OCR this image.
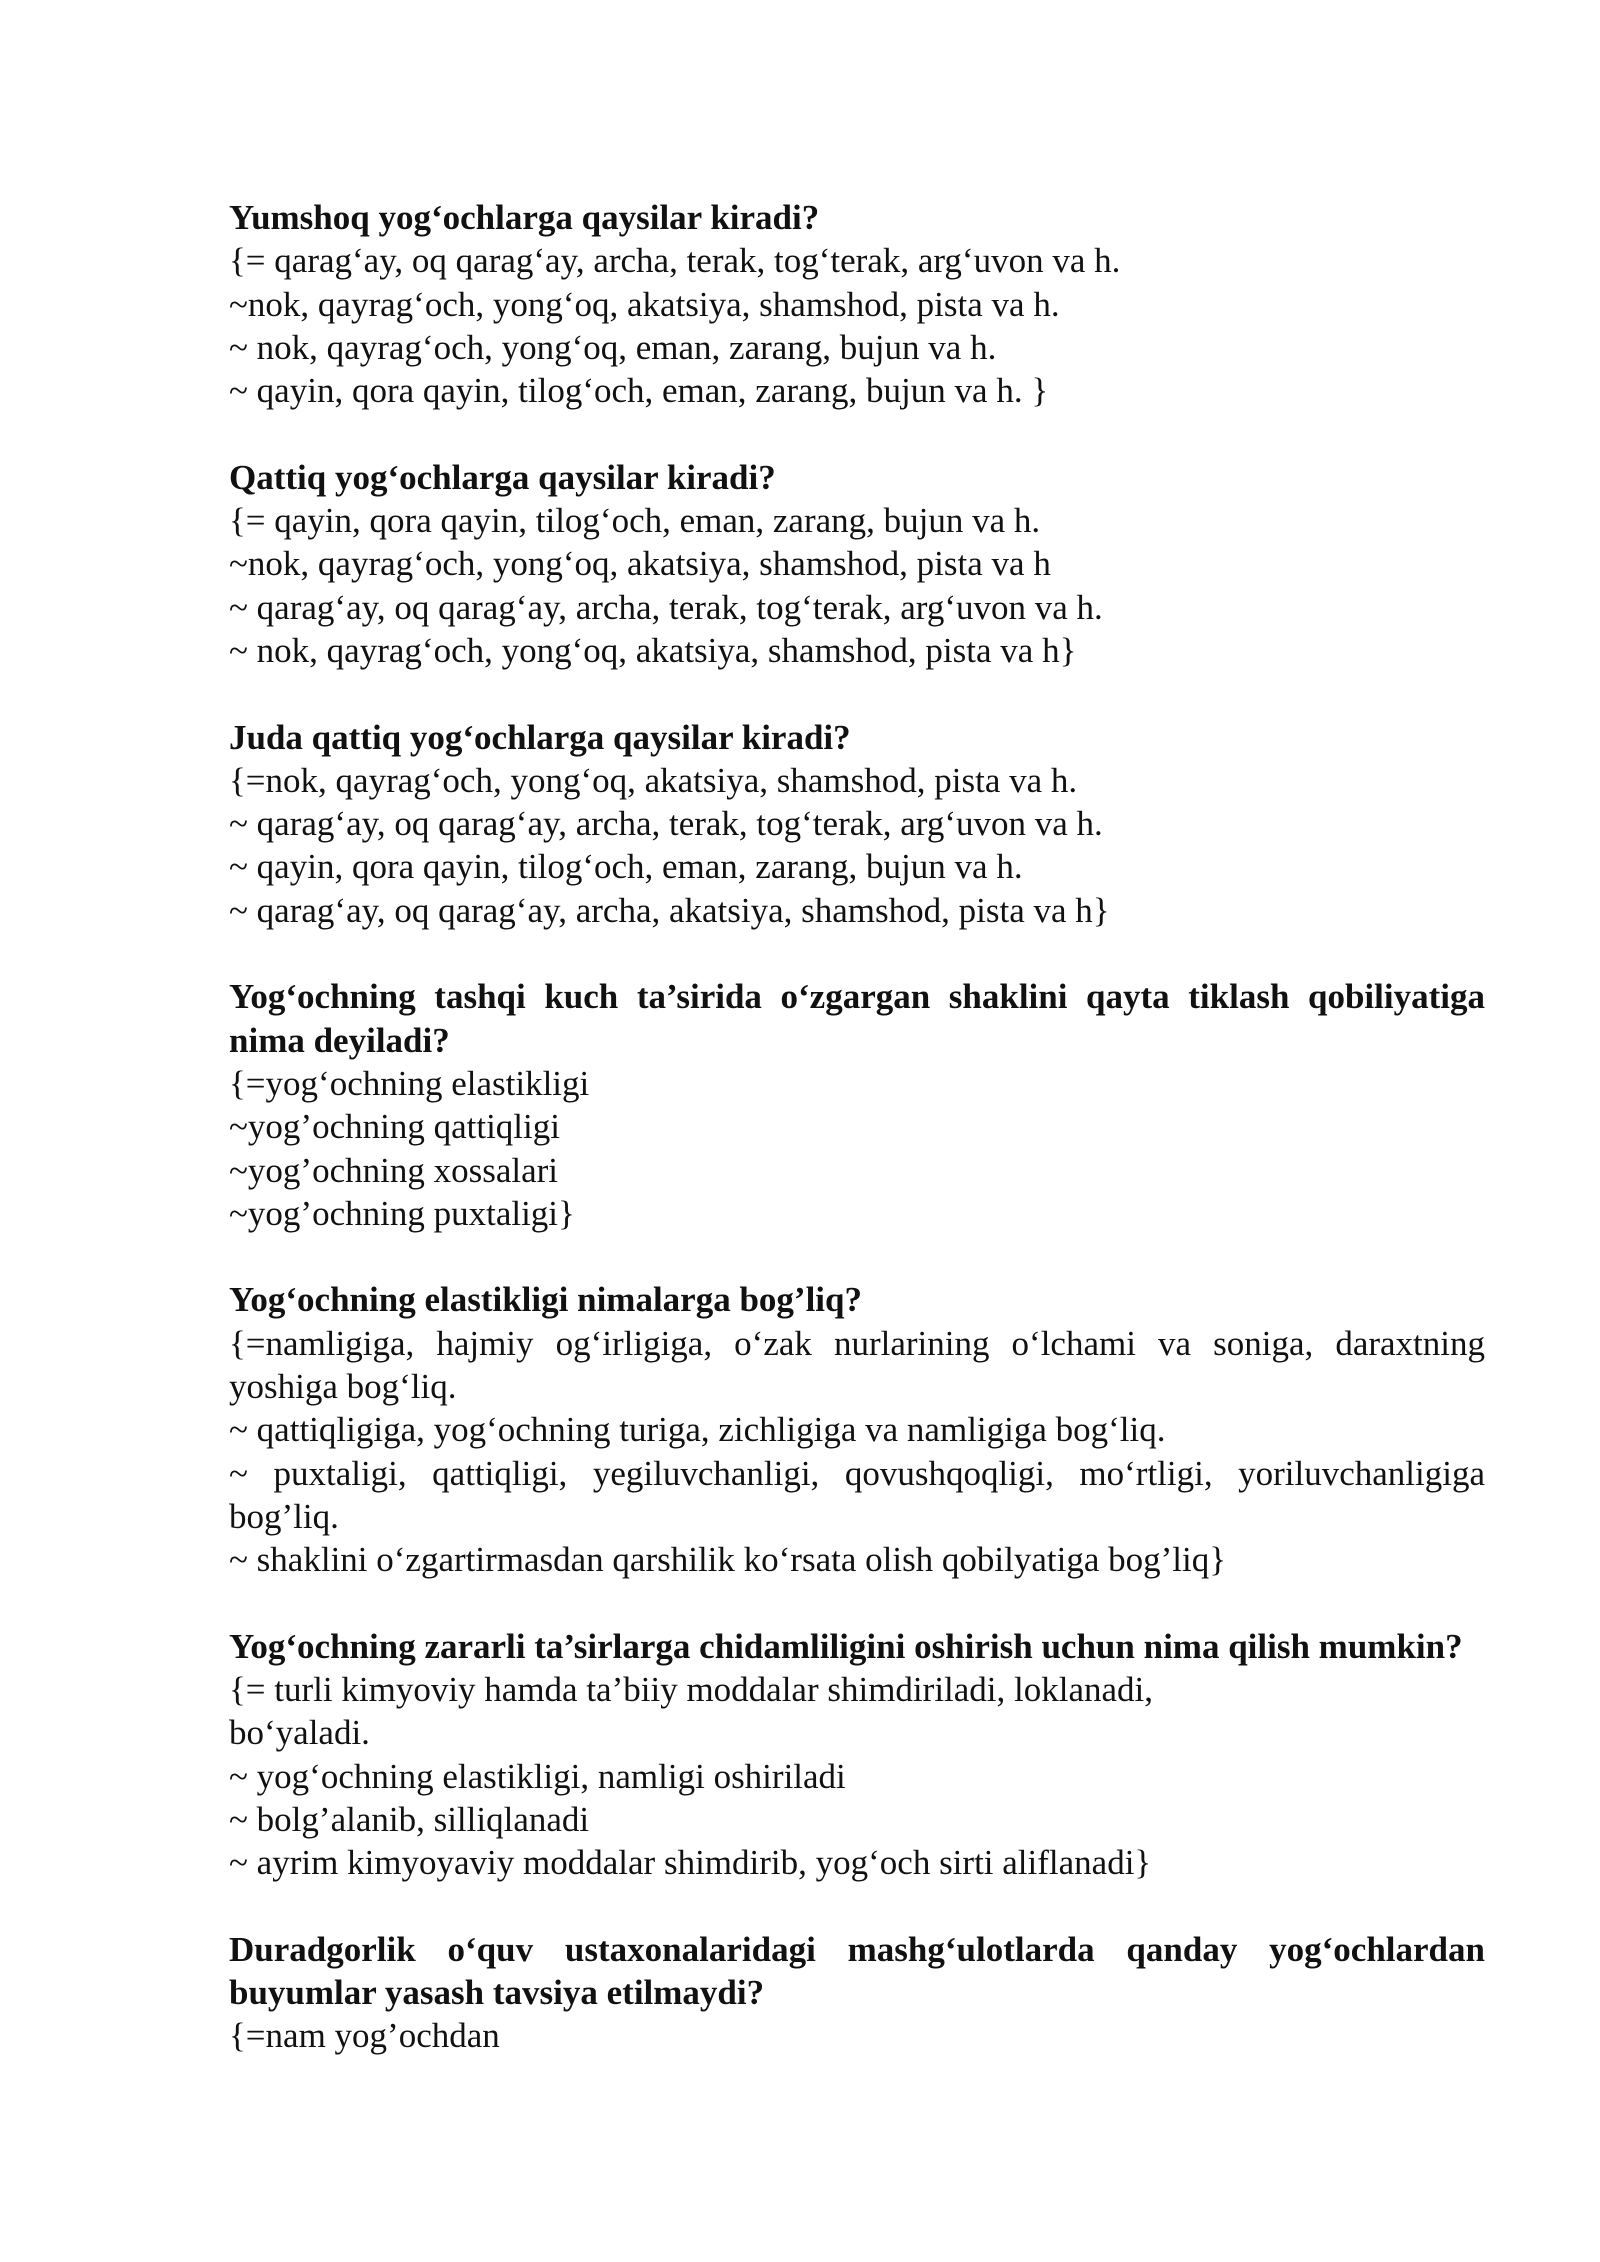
Yumshoq yog‘ochlarga qaysilar kiradi?
{= qarag‘ay, oq qarag‘ay, archa, terak, tog‘terak, arg‘uvon va h.
~nok, qayrag‘och, yong‘oq, akatsiya, shamshod, pista va h.
~ nok, qayrag‘och, yong‘oq, eman, zarang, bujun va h.
~ qayin, qora qayin, tilog‘och, eman, zarang, bujun va h. }
Qattiq yog‘ochlarga qaysilar kiradi?
{= qayin, qora qayin, tilog‘och, eman, zarang, bujun va h.
~nok, qayrag‘och, yong‘oq, akatsiya, shamshod, pista va h
~ qarag‘ay, oq qarag‘ay, archa, terak, tog‘terak, arg‘uvon va h.
~ nok, qayrag‘och, yong‘oq, akatsiya, shamshod, pista va h}
Juda qattiq yog‘ochlarga qaysilar kiradi?
{=nok, qayrag‘och, yong‘oq, akatsiya, shamshod, pista va h.
~ qarag‘ay, oq qarag‘ay, archa, terak, tog‘terak, arg‘uvon va h.
~ qayin, qora qayin, tilog‘och, eman, zarang, bujun va h.
~ qarag‘ay, oq qarag‘ay, archa, akatsiya, shamshod, pista va h}
Yog‘ochning tashqi kuch ta’sirida o‘zgargan shaklini qayta tiklash qobiliyatiga nima deyiladi?
{=yog‘ochning elastikligi
~yog’ochning qattiqligi
~yog’ochning xossalari
~yog’ochning puxtaligi}
Yog‘ochning elastikligi nimalarga bog’liq?
{=namligiga, hajmiy og‘irligiga, o‘zak nurlarining o‘lchami va soniga, daraxtning yoshiga bog‘liq.
~ qattiqligiga, yog‘ochning turiga, zichligiga va namligiga bog‘liq.
~ puxtaligi, qattiqligi, yegiluvchanligi, qovushqoqligi, mo‘rtligi, yoriluvchanligiga bog’liq.
~ shaklini o‘zgartirmasdan qarshilik ko‘rsata olish qobilyatiga bog’liq}
Yog‘ochning zararli ta’sirlarga chidamliligini oshirish uchun nima qilish mumkin?
{= turli kimyoviy hamda ta’biiy moddalar shimdiriladi, loklanadi,
bo‘yaladi.
~ yog‘ochning elastikligi, namligi oshiriladi
~ bolg’alanib, silliqlanadi
~ ayrim kimyoyaviy moddalar shimdirib, yog‘och sirti aliflanadi}
Duradgorlik o‘quv ustaxonalaridagi mashg‘ulotlarda qanday yog‘ochlardan buyumlar yasash tavsiya etilmaydi?
{=nam yog’ochdan
